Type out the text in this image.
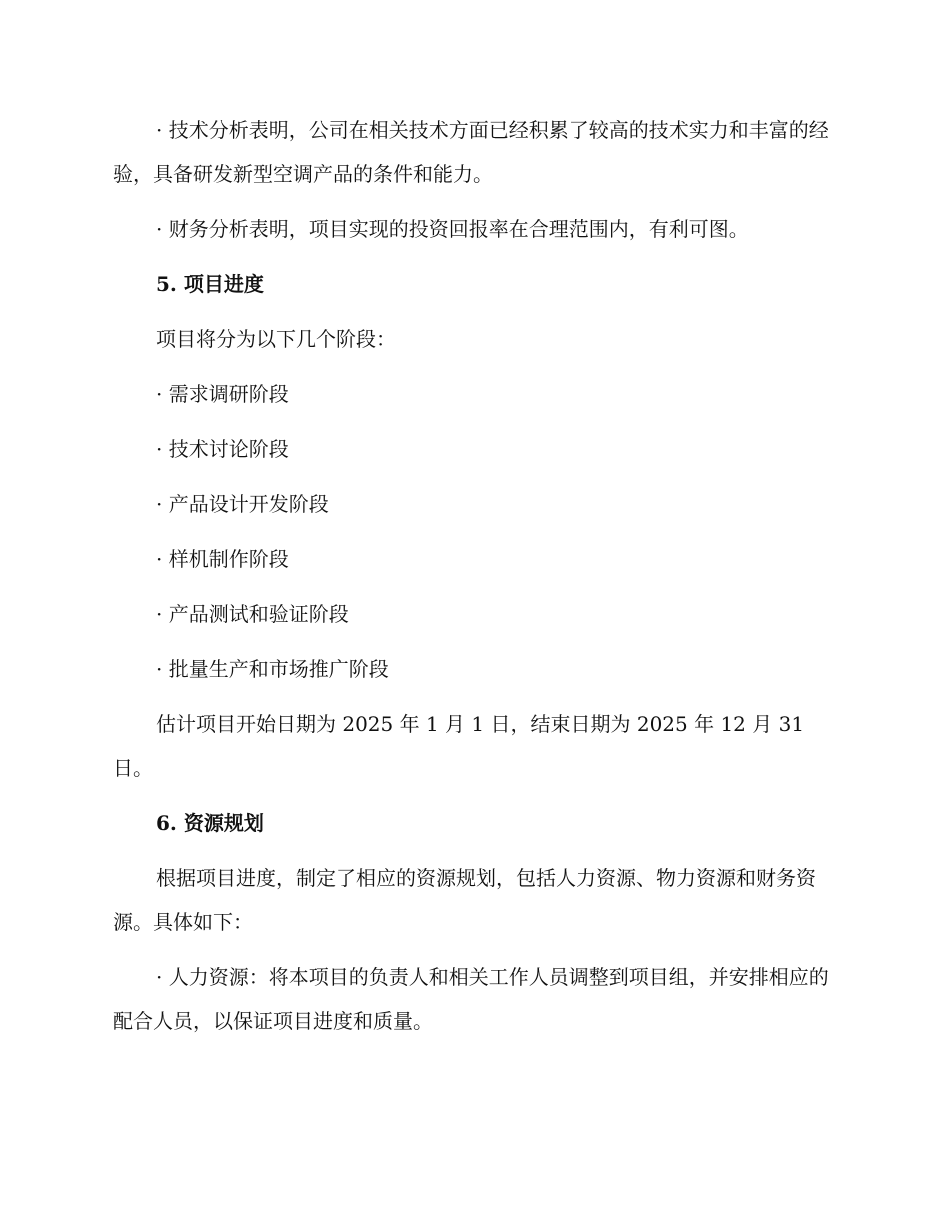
· 技术分析表明，公司在相关技术方面已经积累了较高的技术实力和丰富的经验，具备研发新型空调产品的条件和能力。

· 财务分析表明，项目实现的投资回报率在合理范围内，有利可图。

5. 项目进度

项目将分为以下几个阶段：

· 需求调研阶段

· 技术讨论阶段

· 产品设计开发阶段

· 样机制作阶段

· 产品测试和验证阶段

· 批量生产和市场推广阶段

估计项目开始日期为 2025 年 1 月 1 日，结束日期为 2025 年 12 月 31 日。

6. 资源规划

根据项目进度，制定了相应的资源规划，包括人力资源、物力资源和财务资源。具体如下：

· 人力资源：将本项目的负责人和相关工作人员调整到项目组，并安排相应的配合人员，以保证项目进度和质量。
